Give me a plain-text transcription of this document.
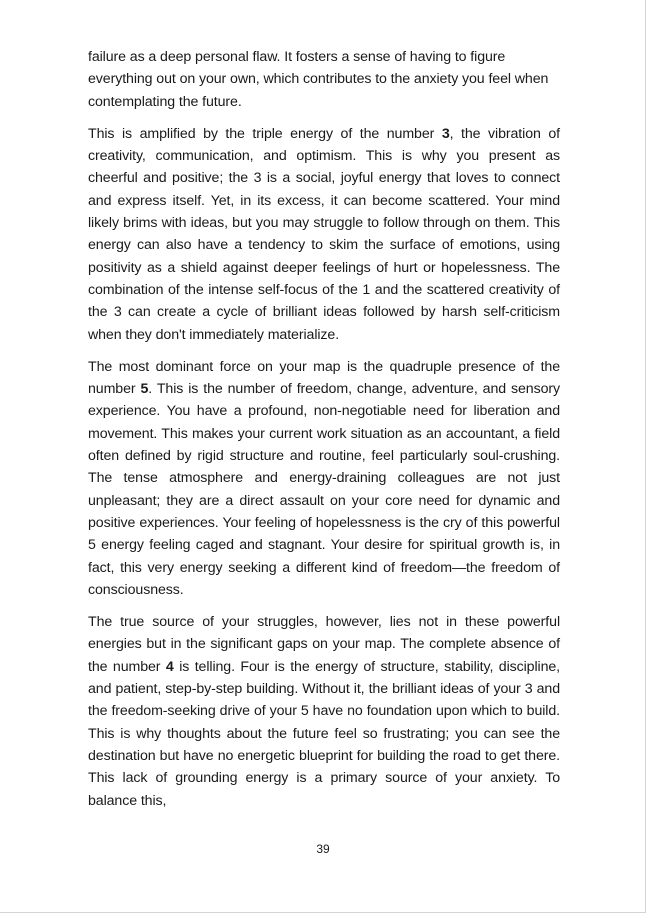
failure as a deep personal flaw. It fosters a sense of having to figure everything out on your own, which contributes to the anxiety you feel when contemplating the future.

This is amplified by the triple energy of the number 3, the vibration of creativity, communication, and optimism. This is why you present as cheerful and positive; the 3 is a social, joyful energy that loves to connect and express itself. Yet, in its excess, it can become scattered. Your mind likely brims with ideas, but you may struggle to follow through on them. This energy can also have a tendency to skim the surface of emotions, using positivity as a shield against deeper feelings of hurt or hopelessness. The combination of the intense self-focus of the 1 and the scattered creativity of the 3 can create a cycle of brilliant ideas followed by harsh self-criticism when they don't immediately materialize.

The most dominant force on your map is the quadruple presence of the number 5. This is the number of freedom, change, adventure, and sensory experience. You have a profound, non-negotiable need for liberation and movement. This makes your current work situation as an accountant, a field often defined by rigid structure and routine, feel particularly soul-crushing. The tense atmosphere and energy-draining colleagues are not just unpleasant; they are a direct assault on your core need for dynamic and positive experiences. Your feeling of hopelessness is the cry of this powerful 5 energy feeling caged and stagnant. Your desire for spiritual growth is, in fact, this very energy seeking a different kind of freedom—the freedom of consciousness.

The true source of your struggles, however, lies not in these powerful energies but in the significant gaps on your map. The complete absence of the number 4 is telling. Four is the energy of structure, stability, discipline, and patient, step-by-step building. Without it, the brilliant ideas of your 3 and the freedom-seeking drive of your 5 have no foundation upon which to build. This is why thoughts about the future feel so frustrating; you can see the destination but have no energetic blueprint for building the road to get there. This lack of grounding energy is a primary source of your anxiety. To balance this,

39
